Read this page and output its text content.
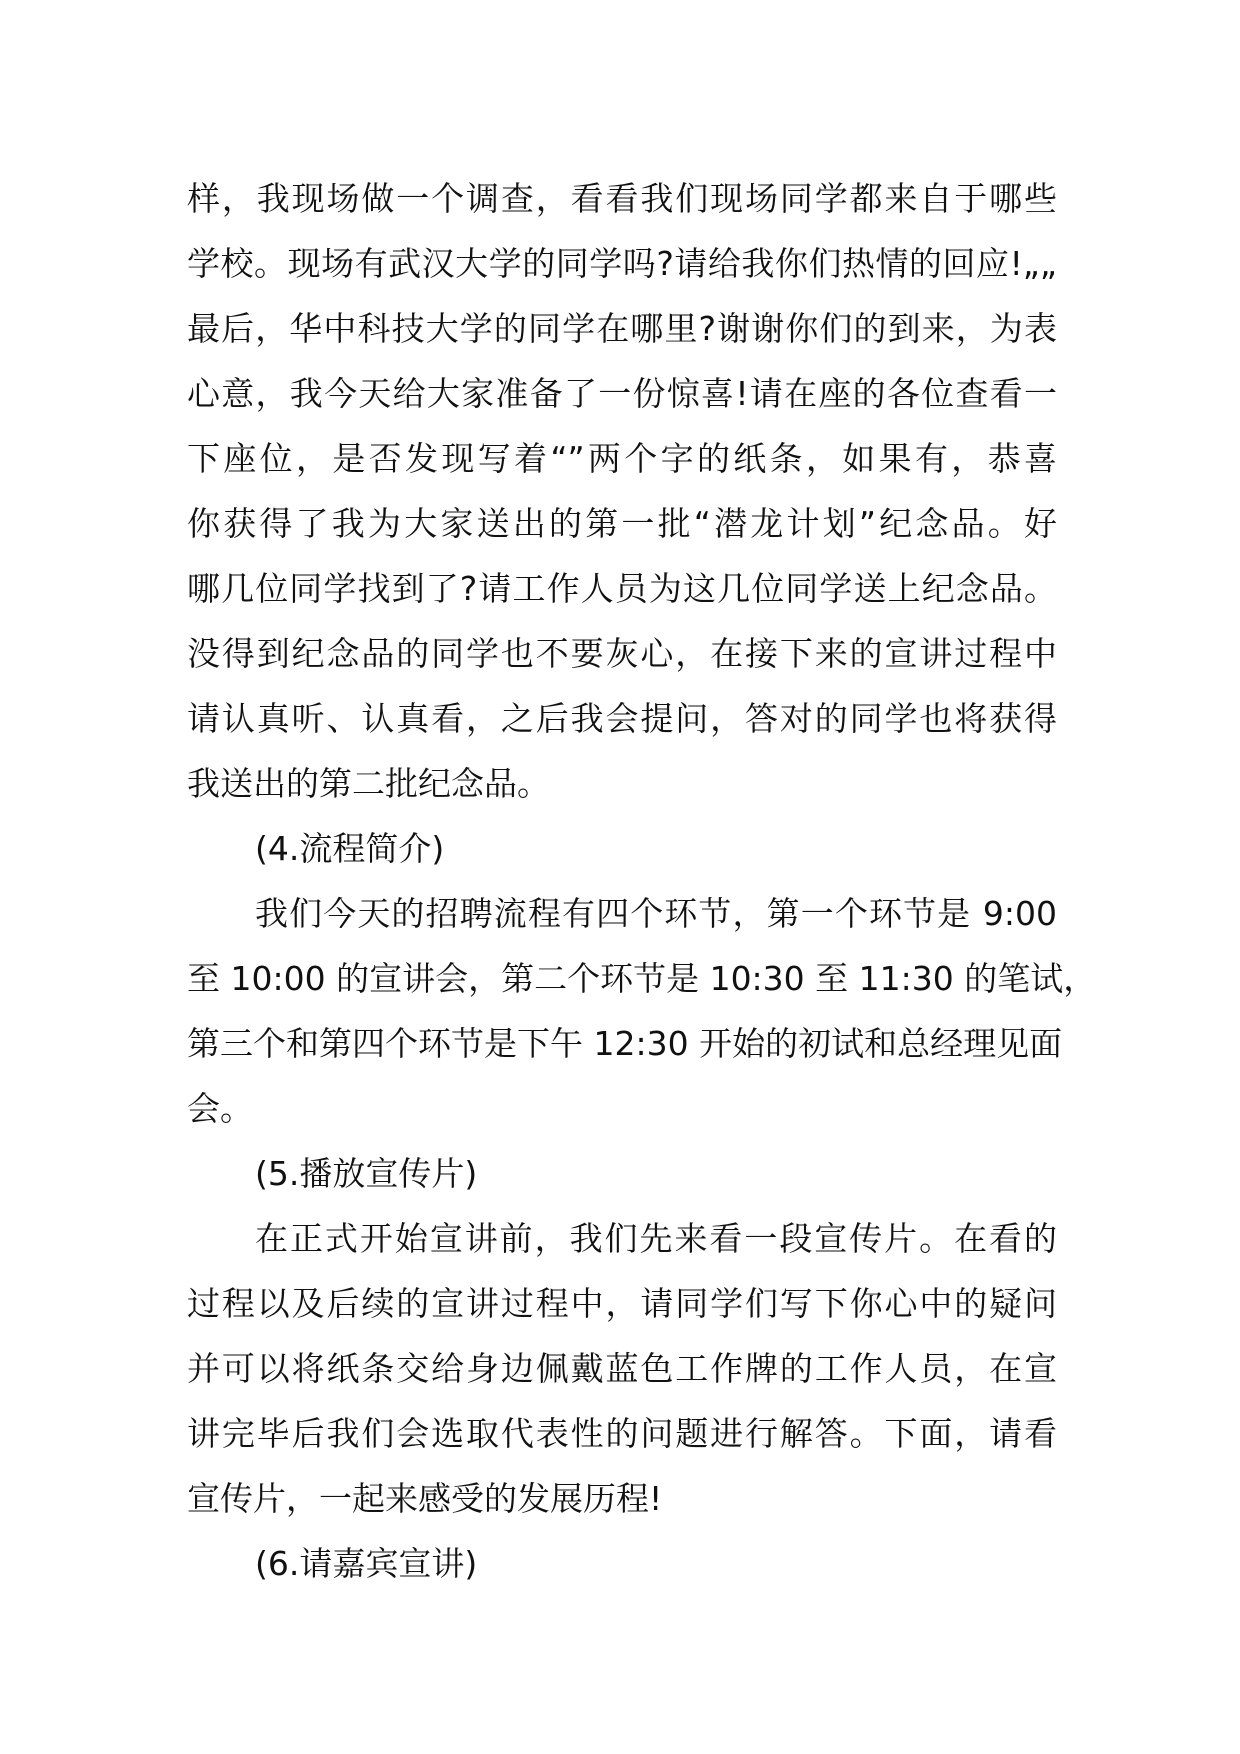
样，我现场做一个调查，看看我们现场同学都来自于哪些
学校。现场有武汉大学的同学吗?请给我你们热情的回应!„„
最后，华中科技大学的同学在哪里?谢谢你们的到来，为表
心意，我今天给大家准备了一份惊喜!请在座的各位查看一
下座位，是否发现写着“”两个字的纸条，如果有，恭喜
你获得了我为大家送出的第一批“潜龙计划”纪念品。好
哪几位同学找到了?请工作人员为这几位同学送上纪念品。
没得到纪念品的同学也不要灰心，在接下来的宣讲过程中
请认真听、认真看，之后我会提问，答对的同学也将获得
我送出的第二批纪念品。
(4.流程简介)
我们今天的招聘流程有四个环节，第一个环节是 9:00
至 10:00 的宣讲会，第二个环节是 10:30 至 11:30 的笔试，
第三个和第四个环节是下午 12:30 开始的初试和总经理见面
会。
(5.播放宣传片)
在正式开始宣讲前，我们先来看一段宣传片。在看的
过程以及后续的宣讲过程中，请同学们写下你心中的疑问
并可以将纸条交给身边佩戴蓝色工作牌的工作人员，在宣
讲完毕后我们会选取代表性的问题进行解答。下面，请看
宣传片，一起来感受的发展历程!
(6.请嘉宾宣讲)
